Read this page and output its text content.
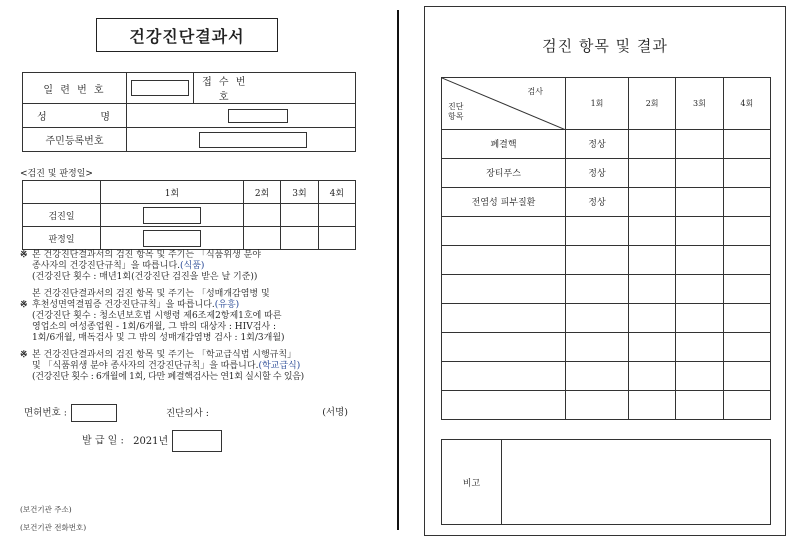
건강진단결과서
일 련 번 호		접 수 번 호	
성          명			
주민등록번호			
<검진 및 판정일>
	1회	2회	3회	4회
검진일				
판정일				
※ 본 건강진단결과서의 검진 항목 및 주기는 「식품위생 분야
종사자의 건강진단규칙」을 따릅니다.(식품)
(건강진단 횟수 : 매년1회(건강진단 검진을 받은 날 기준))
※
본 건강진단결과서의 검진 항목 및 주기는 「성매개감염병 및
후천성면역결핍증 건강진단규칙」을 따릅니다.(유흥)
(건강진단 횟수 : 청소년보호법 시행령 제6조제2항제1호에 따른
영업소의 여성종업원 - 1회/6개월, 그 밖의 대상자 : HIV검사 :
1회/6개월, 매독검사 및 그 밖의 성매개감염병 검사 : 1회/3개월)
※ 본 건강진단결과서의 검진 항목 및 주기는 「학교급식법 시행규칙」
및 「식품위생 분야 종사자의 건강진단규칙」을 따릅니다.(학교급식)
(건강진단 횟수 : 6개월에 1회, 다만 폐결핵검사는 연1회 실시할 수 있음)
면허번호 :	진단의사 :	(서명)
발 급 일 : 2021년
(보건기관 주소)
(보건기관 전화번호)
검진 항목 및 결과
검사
진단
항목	1회	2회	3회	4회
폐결핵	정상			
장티푸스	정상			
전염성 피부질환	정상			

비고
